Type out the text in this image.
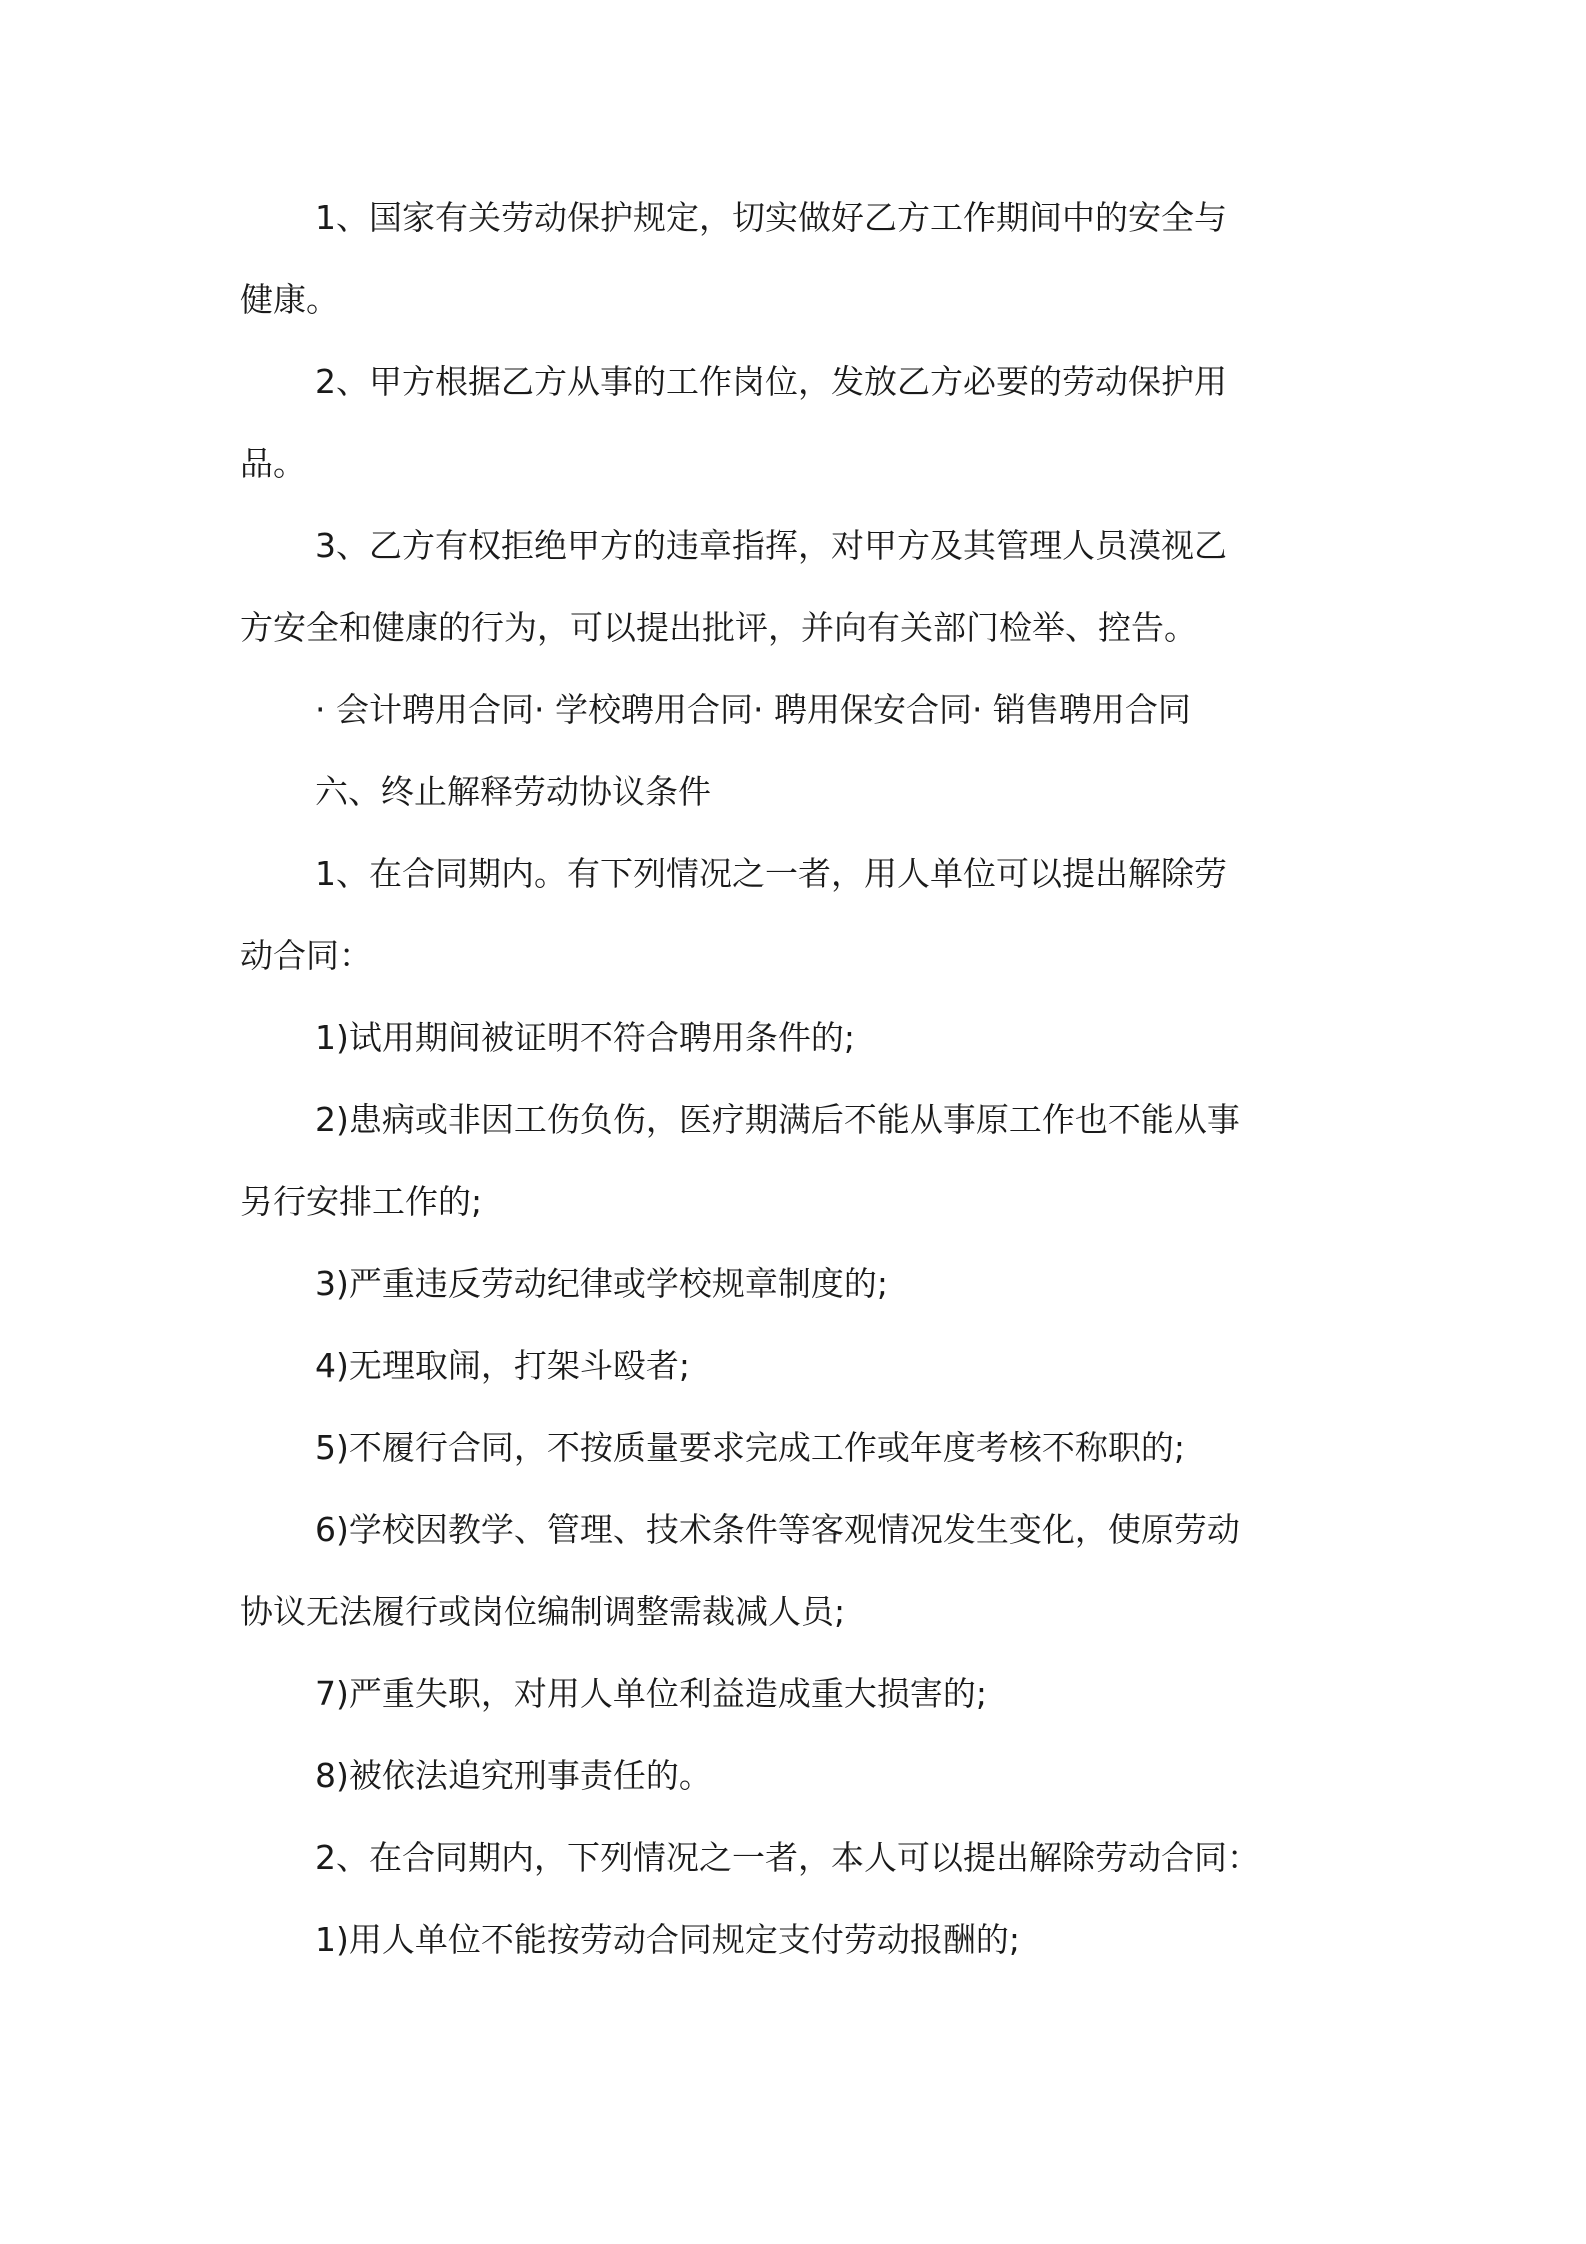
1、国家有关劳动保护规定，切实做好乙方工作期间中的安全与
健康。
2、甲方根据乙方从事的工作岗位，发放乙方必要的劳动保护用
品。
3、乙方有权拒绝甲方的违章指挥，对甲方及其管理人员漠视乙
方安全和健康的行为，可以提出批评，并向有关部门检举、控告。
· 会计聘用合同· 学校聘用合同· 聘用保安合同· 销售聘用合同
六、终止解释劳动协议条件
1、在合同期内。有下列情况之一者，用人单位可以提出解除劳
动合同：
1)试用期间被证明不符合聘用条件的;
2)患病或非因工伤负伤，医疗期满后不能从事原工作也不能从事
另行安排工作的;
3)严重违反劳动纪律或学校规章制度的;
4)无理取闹，打架斗殴者;
5)不履行合同，不按质量要求完成工作或年度考核不称职的;
6)学校因教学、管理、技术条件等客观情况发生变化，使原劳动
协议无法履行或岗位编制调整需裁减人员;
7)严重失职，对用人单位利益造成重大损害的;
8)被依法追究刑事责任的。
2、在合同期内，下列情况之一者，本人可以提出解除劳动合同：
1)用人单位不能按劳动合同规定支付劳动报酬的;
